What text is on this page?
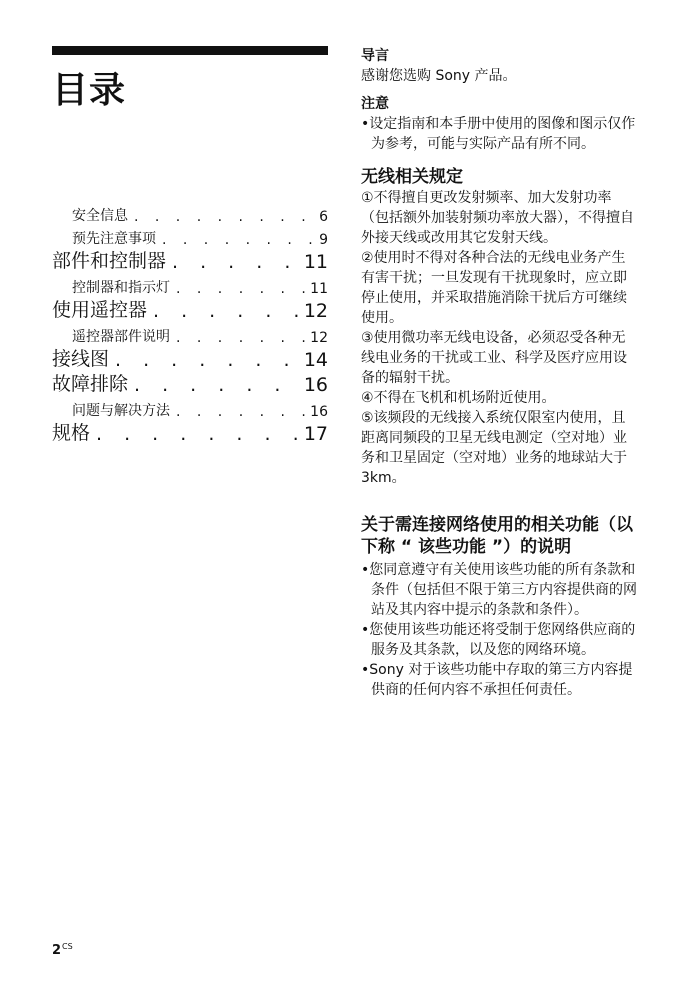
目录
安全信息 . . .	6
预先注意事项 . . .	9
部件和控制器 . . .	11
控制器和指示灯 . . .	11
使用遥控器 . . .	12
遥控器部件说明 . . .	12
接线图 . . .	14
故障排除 . . .	16
问题与解决方法 . . .	16
规格 . . .	17
导言

感谢您选购 Sony 产品。

注意

•设定指南和本手册中使用的图像和图示仅作为参考，可能与实际产品有所不同。

无线相关规定

①不得擅自更改发射频率、加大发射功率（包括额外加装射频功率放大器），不得擅自外接天线或改用其它发射天线。

②使用时不得对各种合法的无线电业务产生有害干扰；一旦发现有干扰现象时，应立即停止使用，并采取措施消除干扰后方可继续使用。

③使用微功率无线电设备，必须忍受各种无线电业务的干扰或工业、科学及医疗应用设备的辐射干扰。

④不得在飞机和机场附近使用。

⑤该频段的无线接入系统仅限室内使用，且距离同频段的卫星无线电测定（空对地）业务和卫星固定（空对地）业务的地球站大于 3km。

关于需连接网络使用的相关功能（以下称 “ 该些功能 ”）的说明

•您同意遵守有关使用该些功能的所有条款和条件（包括但不限于第三方内容提供商的网站及其内容中提示的条款和条件）。

•您使用该些功能还将受制于您网络供应商的服务及其条款，以及您的网络环境。

•Sony 对于该些功能中存取的第三方内容提供商的任何内容不承担任何责任。

$2^{CS}$
